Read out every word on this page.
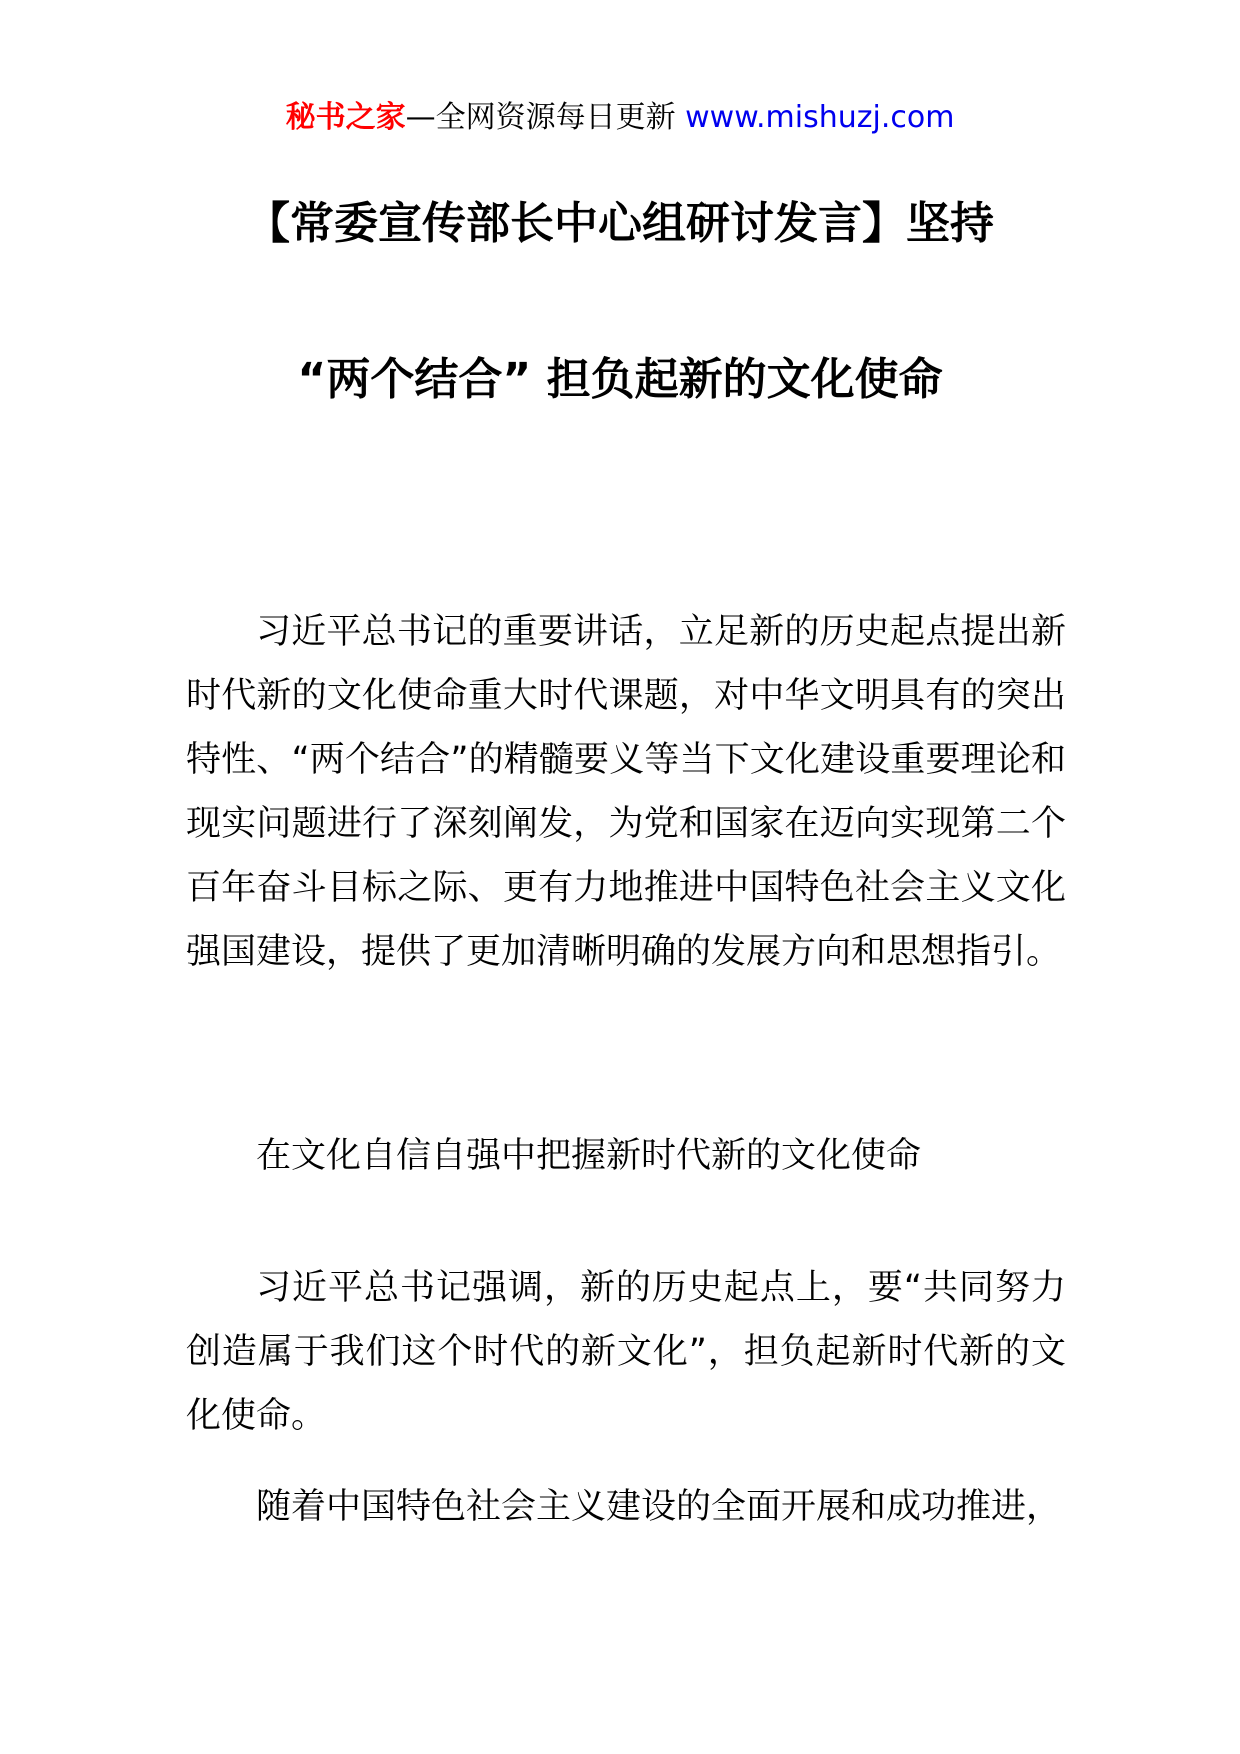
秘书之家—全网资源每日更新 www.mishuzj.com
【常委宣传部长中心组研讨发言】坚持
“两个结合” 担负起新的文化使命

习近平总书记的重要讲话，立足新的历史起点提出新时代新的文化使命重大时代课题，对中华文明具有的突出特性、“两个结合”的精髓要义等当下文化建设重要理论和现实问题进行了深刻阐发，为党和国家在迈向实现第二个百年奋斗目标之际、更有力地推进中国特色社会主义文化强国建设，提供了更加清晰明确的发展方向和思想指引。

在文化自信自强中把握新时代新的文化使命

习近平总书记强调，新的历史起点上，要“共同努力创造属于我们这个时代的新文化”，担负起新时代新的文化使命。

随着中国特色社会主义建设的全面开展和成功推进，
